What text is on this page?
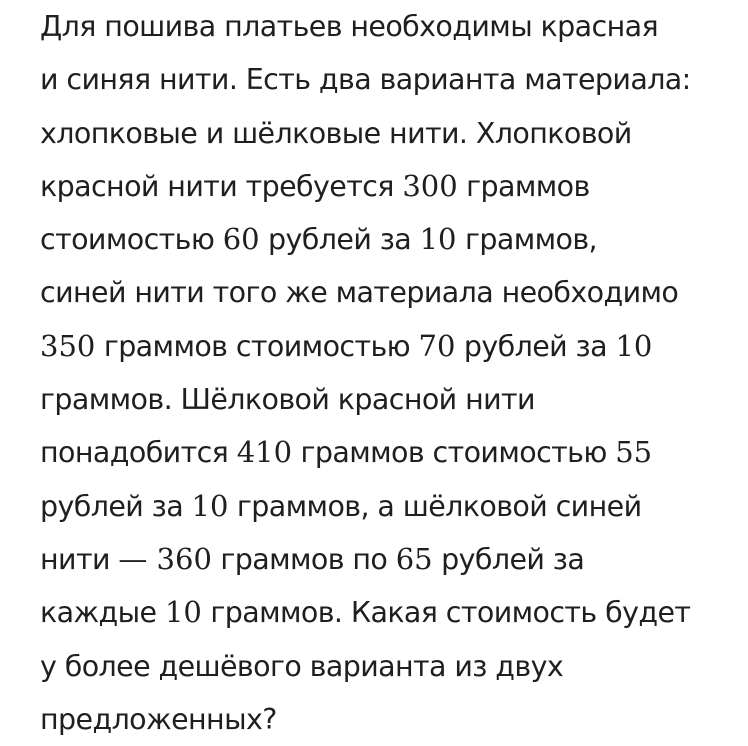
Для пошива платьев необходимы красная
и синяя нити. Есть два варианта материала:
хлопковые и шёлковые нити. Хлопковой
красной нити требуется 300 граммов
стоимостью 60 рублей за 10 граммов,
синей нити того же материала необходимо
350 граммов стоимостью 70 рублей за 10
граммов. Шёлковой красной нити
понадобится 410 граммов стоимостью 55
рублей за 10 граммов, а шёлковой синей
нити — 360 граммов по 65 рублей за
каждые 10 граммов. Какая стоимость будет
у более дешёвого варианта из двух
предложенных?
